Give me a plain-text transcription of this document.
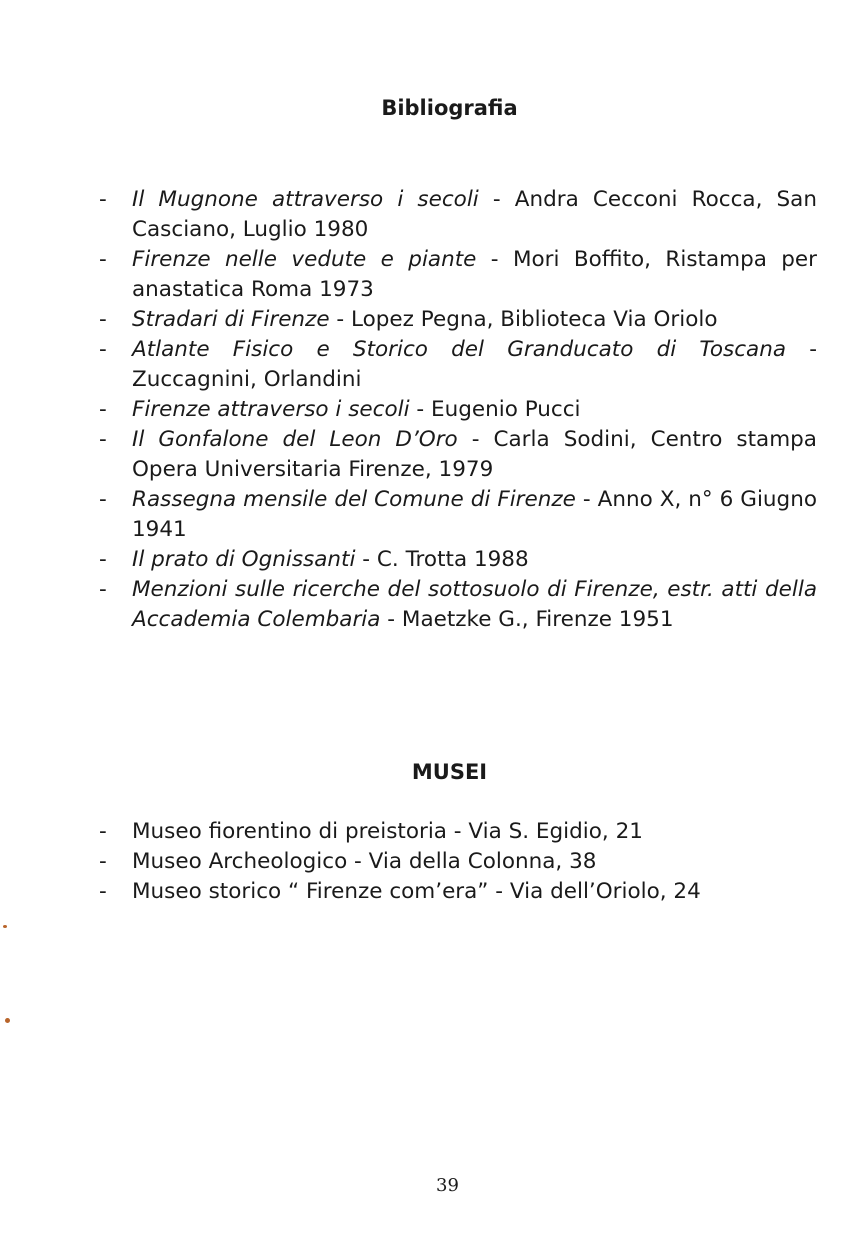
Bibliografia
- Il Mugnone attraverso i secoli - Andra Cecconi Rocca, San Casciano, Luglio 1980
- Firenze nelle vedute e piante - Mori Boffito, Ristampa per anastatica Roma 1973
- Stradari di Firenze - Lopez Pegna, Biblioteca Via Oriolo
- Atlante Fisico e Storico del Granducato di Toscana - Zuccagnini, Orlandini
- Firenze attraverso i secoli - Eugenio Pucci
- Il Gonfalone del Leon D’Oro - Carla Sodini, Centro stampa Opera Universitaria Firenze, 1979
- Rassegna mensile del Comune di Firenze - Anno X, n° 6 Giugno 1941
- Il prato di Ognissanti - C. Trotta 1988
- Menzioni sulle ricerche del sottosuolo di Firenze, estr. atti della Accademia Colembaria - Maetzke G., Firenze 1951
MUSEI
- Museo fiorentino di preistoria - Via S. Egidio, 21
- Museo Archeologico - Via della Colonna, 38
- Museo storico “ Firenze com’era” - Via dell’Oriolo, 24
39
